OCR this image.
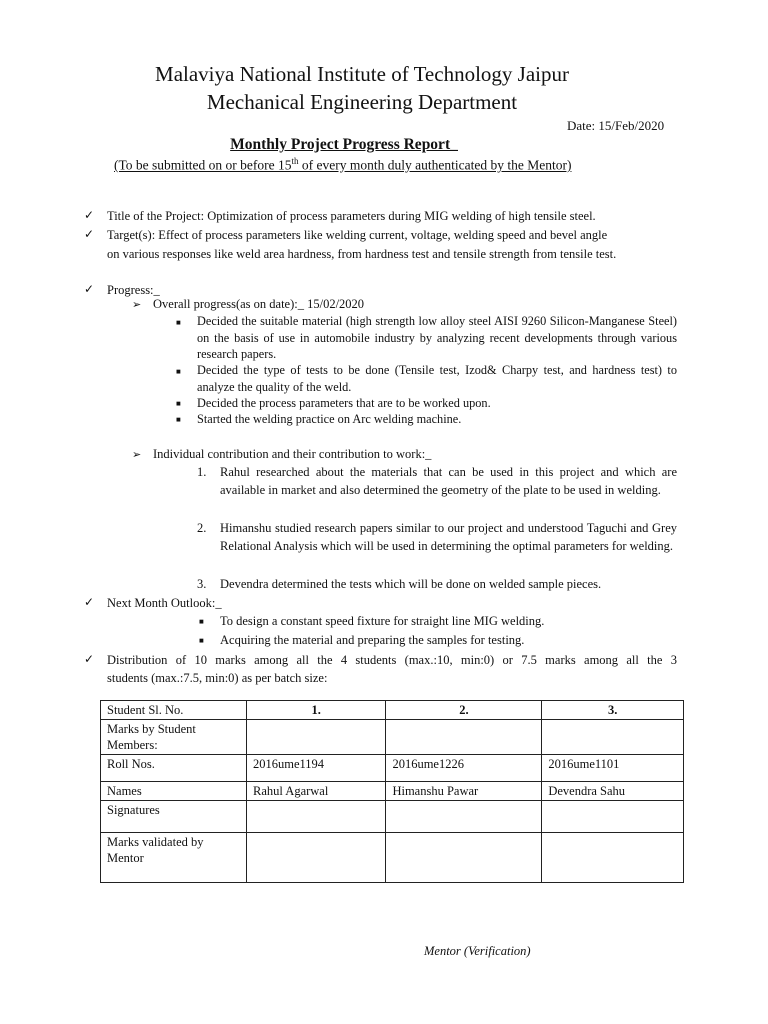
Malaviya National Institute of Technology Jaipur
Mechanical Engineering Department
Date: 15/Feb/2020
Monthly Project Progress Report_
(To be submitted on or before 15th of every month duly authenticated by the Mentor)
✓ Title of the Project: Optimization of process parameters during MIG welding of high tensile steel.
✓ Target(s): Effect of process parameters like welding current, voltage, welding speed and bevel angle
on various responses like weld area hardness, from hardness test and tensile strength from tensile test.
✓ Progress:_
➢ Overall progress(as on date):_ 15/02/2020
■ Decided the suitable material (high strength low alloy steel AISI 9260 Silicon-Manganese Steel) on the basis of use in automobile industry by analyzing recent developments through various research papers.
■ Decided the type of tests to be done (Tensile test, Izod& Charpy test, and hardness test) to analyze the quality of the weld.
■ Decided the process parameters that are to be worked upon.
■ Started the welding practice on Arc welding machine.
➢ Individual contribution and their contribution to work:_
1. Rahul researched about the materials that can be used in this project and which are available in market and also determined the geometry of the plate to be used in welding.
2. Himanshu studied research papers similar to our project and understood Taguchi and Grey Relational Analysis which will be used in determining the optimal parameters for welding.
3. Devendra determined the tests which will be done on welded sample pieces.
✓ Next Month Outlook:_
■ To design a constant speed fixture for straight line MIG welding.
■ Acquiring the material and preparing the samples for testing.
✓ Distribution of 10 marks among all the 4 students (max.:10, min:0) or 7.5 marks among all the 3
students (max.:7.5, min:0) as per batch size:
Student Sl. No.	1.	2.	3.
Marks by Student Members:			
Roll Nos.	2016ume1194	2016ume1226	2016ume1101
Names	Rahul Agarwal	Himanshu Pawar	Devendra Sahu
Signatures			
Marks validated by Mentor			
Mentor (Verification)
